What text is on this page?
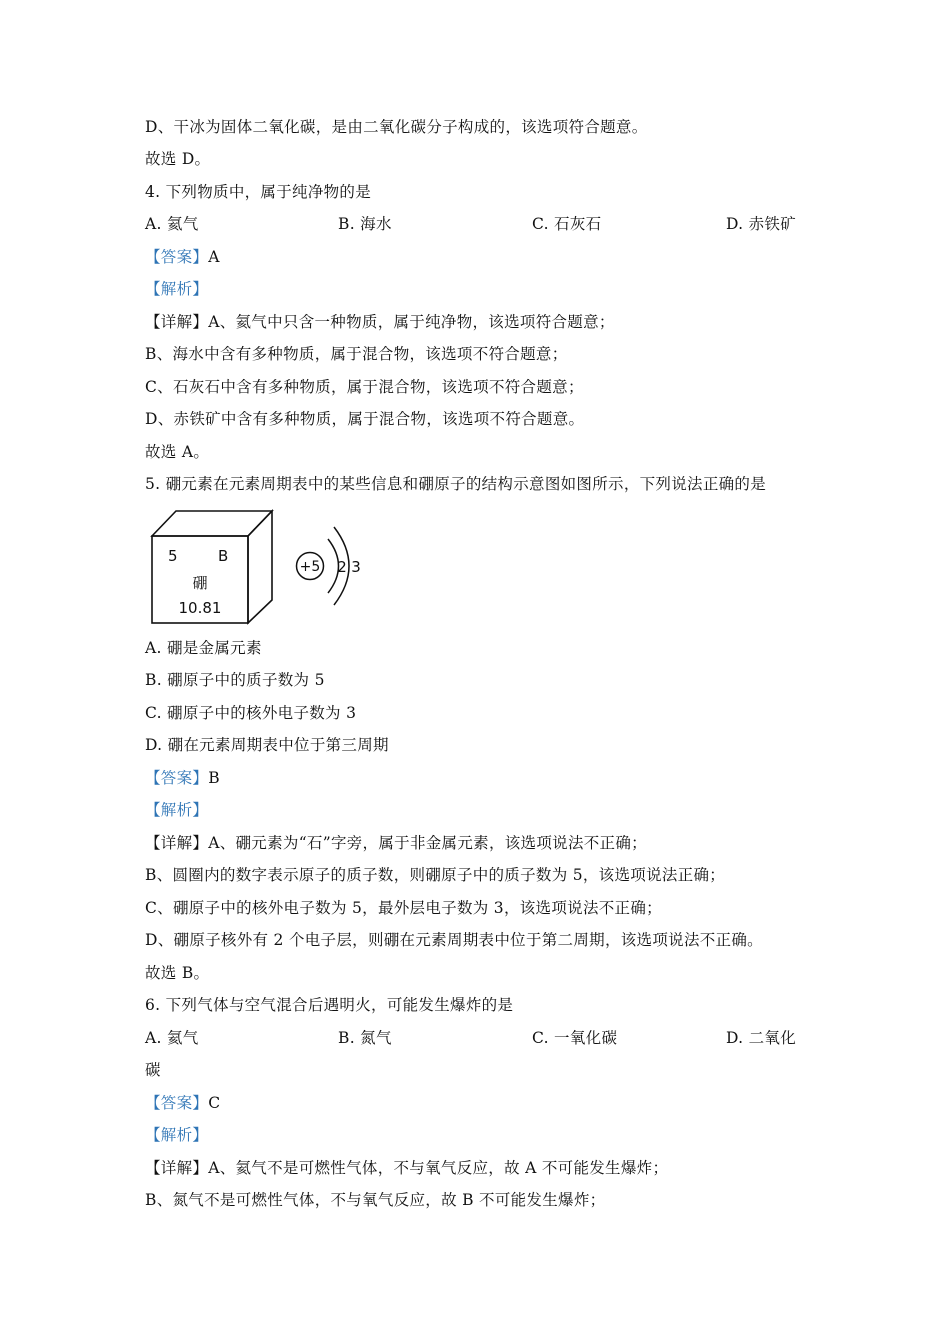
D、干冰为固体二氧化碳，是由二氧化碳分子构成的，该选项符合题意。
故选 D。
4. 下列物质中，属于纯净物的是
A. 氦气	B. 海水	C. 石灰石	D. 赤铁矿
【答案】A
【解析】
【详解】A、氦气中只含一种物质，属于纯净物，该选项符合题意；
B、海水中含有多种物质，属于混合物，该选项不符合题意；
C、石灰石中含有多种物质，属于混合物，该选项不符合题意；
D、赤铁矿中含有多种物质，属于混合物，该选项不符合题意。
故选 A。
5. 硼元素在元素周期表中的某些信息和硼原子的结构示意图如图所示，下列说法正确的是
5	B
硼
10.81
+5 2 3
A. 硼是金属元素
B. 硼原子中的质子数为 5
C. 硼原子中的核外电子数为 3
D. 硼在元素周期表中位于第三周期
【答案】B
【解析】
【详解】A、硼元素为“石”字旁，属于非金属元素，该选项说法不正确；
B、圆圈内的数字表示原子的质子数，则硼原子中的质子数为 5，该选项说法正确；
C、硼原子中的核外电子数为 5，最外层电子数为 3，该选项说法不正确；
D、硼原子核外有 2 个电子层，则硼在元素周期表中位于第二周期，该选项说法不正确。
故选 B。
6. 下列气体与空气混合后遇明火，可能发生爆炸的是
A. 氦气	B. 氮气	C. 一氧化碳	D. 二氧化
碳
【答案】C
【解析】
【详解】A、氦气不是可燃性气体，不与氧气反应，故 A 不可能发生爆炸；
B、氮气不是可燃性气体，不与氧气反应，故 B 不可能发生爆炸；
